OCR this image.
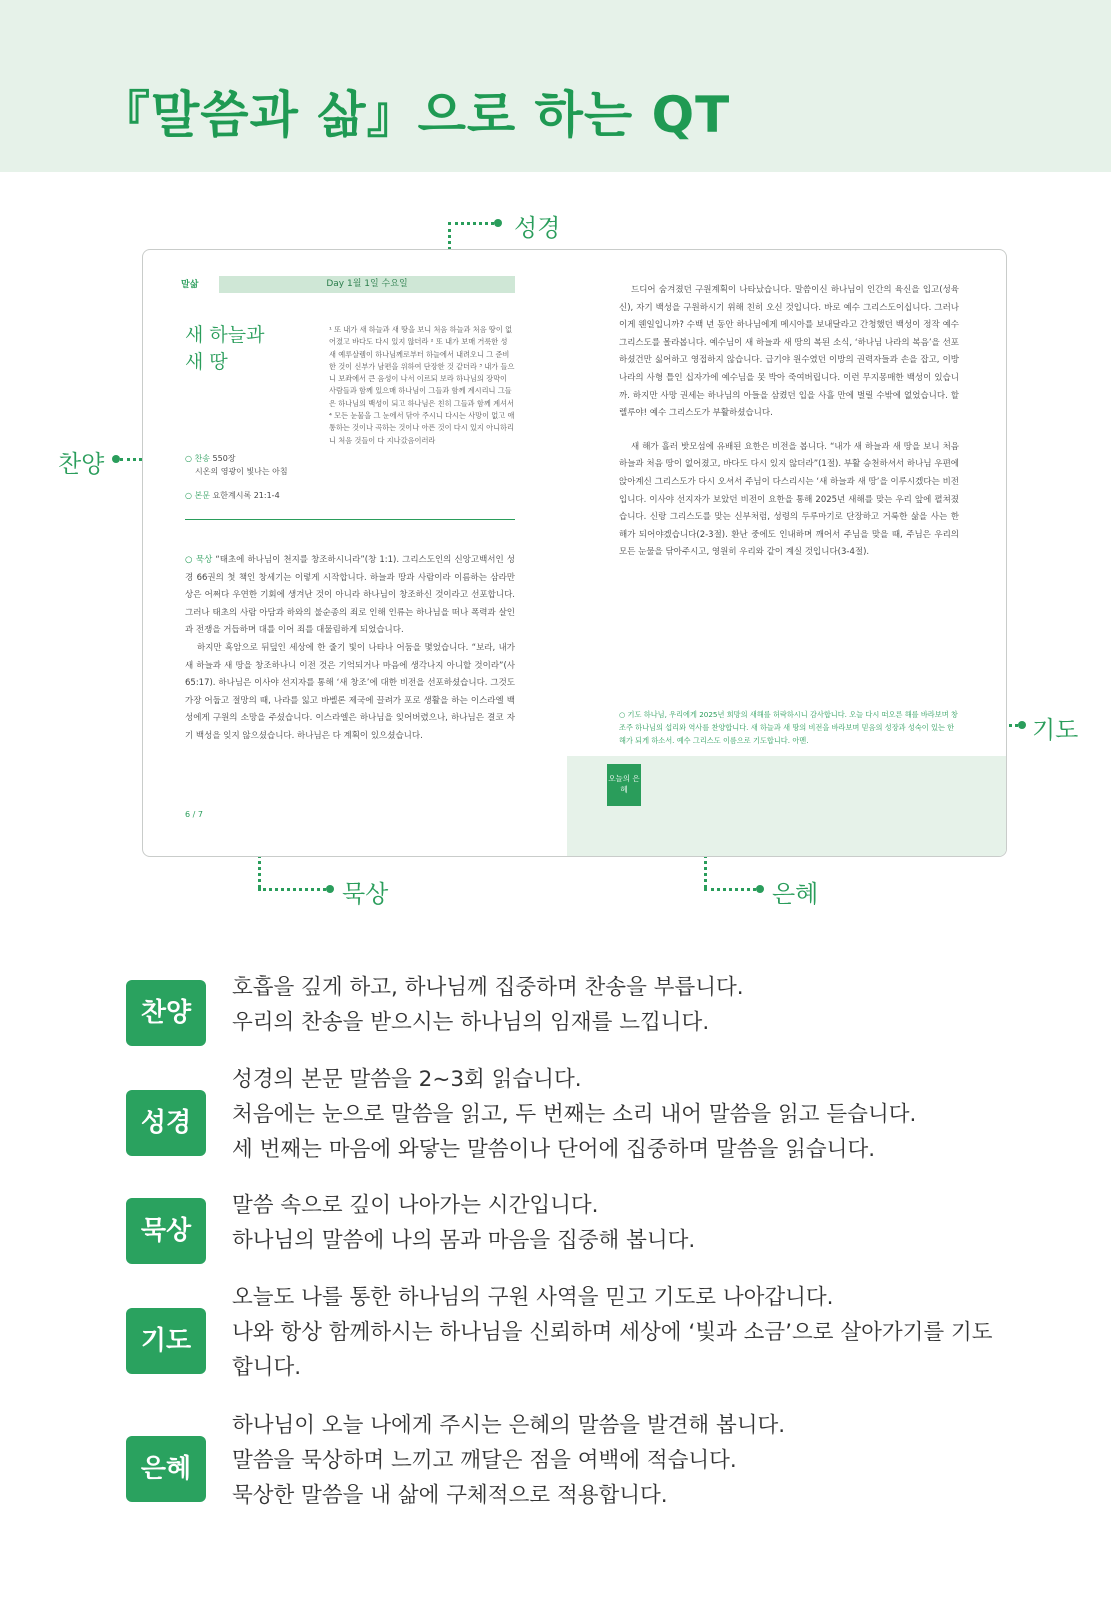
『말씀과 삶』으로 하는 QT
성경
찬양
기도
묵상	은혜
말삶	Day 1월 1일 수요일
새 하늘과
새 땅
¹ 또 내가 새 하늘과 새 땅을 보니 처음 하늘과 처음 땅이 없어졌고 바다도 다시 있지 않더라 ² 또 내가 보매 거룩한 성 새 예루살렘이 하나님께로부터 하늘에서 내려오니 그 준비한 것이 신부가 남편을 위하여 단장한 것 같더라 ³ 내가 들으니 보좌에서 큰 음성이 나서 이르되 보라 하나님의 장막이 사람들과 함께 있으매 하나님이 그들과 함께 계시리니 그들은 하나님의 백성이 되고 하나님은 친히 그들과 함께 계셔서 ⁴ 모든 눈물을 그 눈에서 닦아 주시니 다시는 사망이 없고 애통하는 것이나 곡하는 것이나 아픈 것이 다시 있지 아니하리니 처음 것들이 다 지나갔음이러라
○ 찬송 550장
시온의 영광이 빛나는 아침
○ 본문 요한계시록 21:1-4

○ 묵상 “태초에 하나님이 천지를 창조하시니라”(창 1:1). 그리스도인의 신앙고백서인 성경 66권의 첫 책인 창세기는 이렇게 시작합니다. 하늘과 땅과 사람이라 이름하는 삼라만상은 어쩌다 우연한 기회에 생겨난 것이 아니라 하나님이 창조하신 것이라고 선포합니다. 그러나 태초의 사람 아담과 하와의 불순종의 죄로 인해 인류는 하나님을 떠나 폭력과 살인과 전쟁을 거듭하며 대를 이어 죄를 대물림하게 되었습니다.

하지만 혹암으로 뒤덮인 세상에 한 줄기 빛이 나타나 어둠을 몇었습니다. “보라, 내가 새 하늘과 새 땅을 창조하나니 이전 것은 기억되거나 마음에 생각나지 아니할 것이라”(사 65:17). 하나님은 이사야 선지자를 통해 ‘새 창조’에 대한 비전을 선포하셨습니다. 그것도 가장 어둡고 절망의 때, 나라를 잃고 바벨론 제국에 끌려가 포로 생활을 하는 이스라엘 백성에게 구원의 소망을 주셨습니다. 이스라엘은 하나님을 잊어버렸으나, 하나님은 결코 자기 백성을 잊지 않으셨습니다. 하나님은 다 계획이 있으셨습니다.

6 / 7

드디어 숨겨졌던 구원계획이 나타났습니다. 말씀이신 하나님이 인간의 육신을 입고(성육신), 자기 백성을 구원하시기 위해 친히 오신 것입니다. 바로 예수 그리스도이십니다. 그러나 이게 웬일입니까? 수백 년 동안 하나님에게 메시아를 보내달라고 간청했던 백성이 정작 예수 그리스도를 몰라봅니다. 예수님이 새 하늘과 새 땅의 복된 소식, ‘하나님 나라의 복음’을 선포하셨건만 싫어하고 영접하지 않습니다. 급기야 원수였던 이방의 권력자들과 손을 잡고, 이방 나라의 사형 틀인 십자가에 예수님을 못 박아 죽여버립니다. 이런 무지몽매한 백성이 있습니까. 하지만 사망 권세는 하나님의 아들을 삼켰던 입을 사흘 만에 벌릴 수밖에 없었습니다. 할렐루야! 예수 그리스도가 부활하셨습니다.

새 해가 흘러 밧모섬에 유배된 요한은 비전을 봅니다. “내가 새 하늘과 새 땅을 보니 처음 하늘과 처음 땅이 없어졌고, 바다도 다시 있지 않더라”(1절). 부활 승천하셔서 하나님 우편에 앉아계신 그리스도가 다시 오셔서 주님이 다스리시는 ‘새 하늘과 새 땅’을 이루시겠다는 비전입니다. 이사야 선지자가 보았던 비전이 요한을 통해 2025년 새해를 맞는 우리 앞에 펼쳐졌습니다. 신랑 그리스도를 맞는 신부처럼, 성령의 두루마기로 단장하고 거룩한 삶을 사는 한 해가 되어야겠습니다(2-3절). 환난 중에도 인내하며 깨어서 주님을 맞을 때, 주님은 우리의 모든 눈물을 닦아주시고, 영원히 우리와 같이 계실 것입니다(3-4절).

○ 기도 하나님, 우리에게 2025년 희망의 새해를 허락하시니 감사합니다. 오늘 다시 떠오른 해를 바라보며 창조주 하나님의 섭리와 역사를 찬양합니다. 새 하늘과 새 땅의 비전을 바라보며 믿음의 성장과 성숙이 있는 한 해가 되게 하소서. 예수 그리스도 이름으로 기도합니다. 아멘.
오늘의 은혜
찬양
호흡을 깊게 하고, 하나님께 집중하며 찬송을 부릅니다.
우리의 찬송을 받으시는 하나님의 임재를 느낍니다.
성경
성경의 본문 말씀을 2~3회 읽습니다.
처음에는 눈으로 말씀을 읽고, 두 번째는 소리 내어 말씀을 읽고 듣습니다.
세 번째는 마음에 와닿는 말씀이나 단어에 집중하며 말씀을 읽습니다.
묵상
말씀 속으로 깊이 나아가는 시간입니다.
하나님의 말씀에 나의 몸과 마음을 집중해 봅니다.
기도
오늘도 나를 통한 하나님의 구원 사역을 믿고 기도로 나아갑니다.
나와 항상 함께하시는 하나님을 신뢰하며 세상에 ‘빛과 소금’으로 살아가기를 기도
합니다.
은혜
하나님이 오늘 나에게 주시는 은혜의 말씀을 발견해 봅니다.
말씀을 묵상하며 느끼고 깨달은 점을 여백에 적습니다.
묵상한 말씀을 내 삶에 구체적으로 적용합니다.
